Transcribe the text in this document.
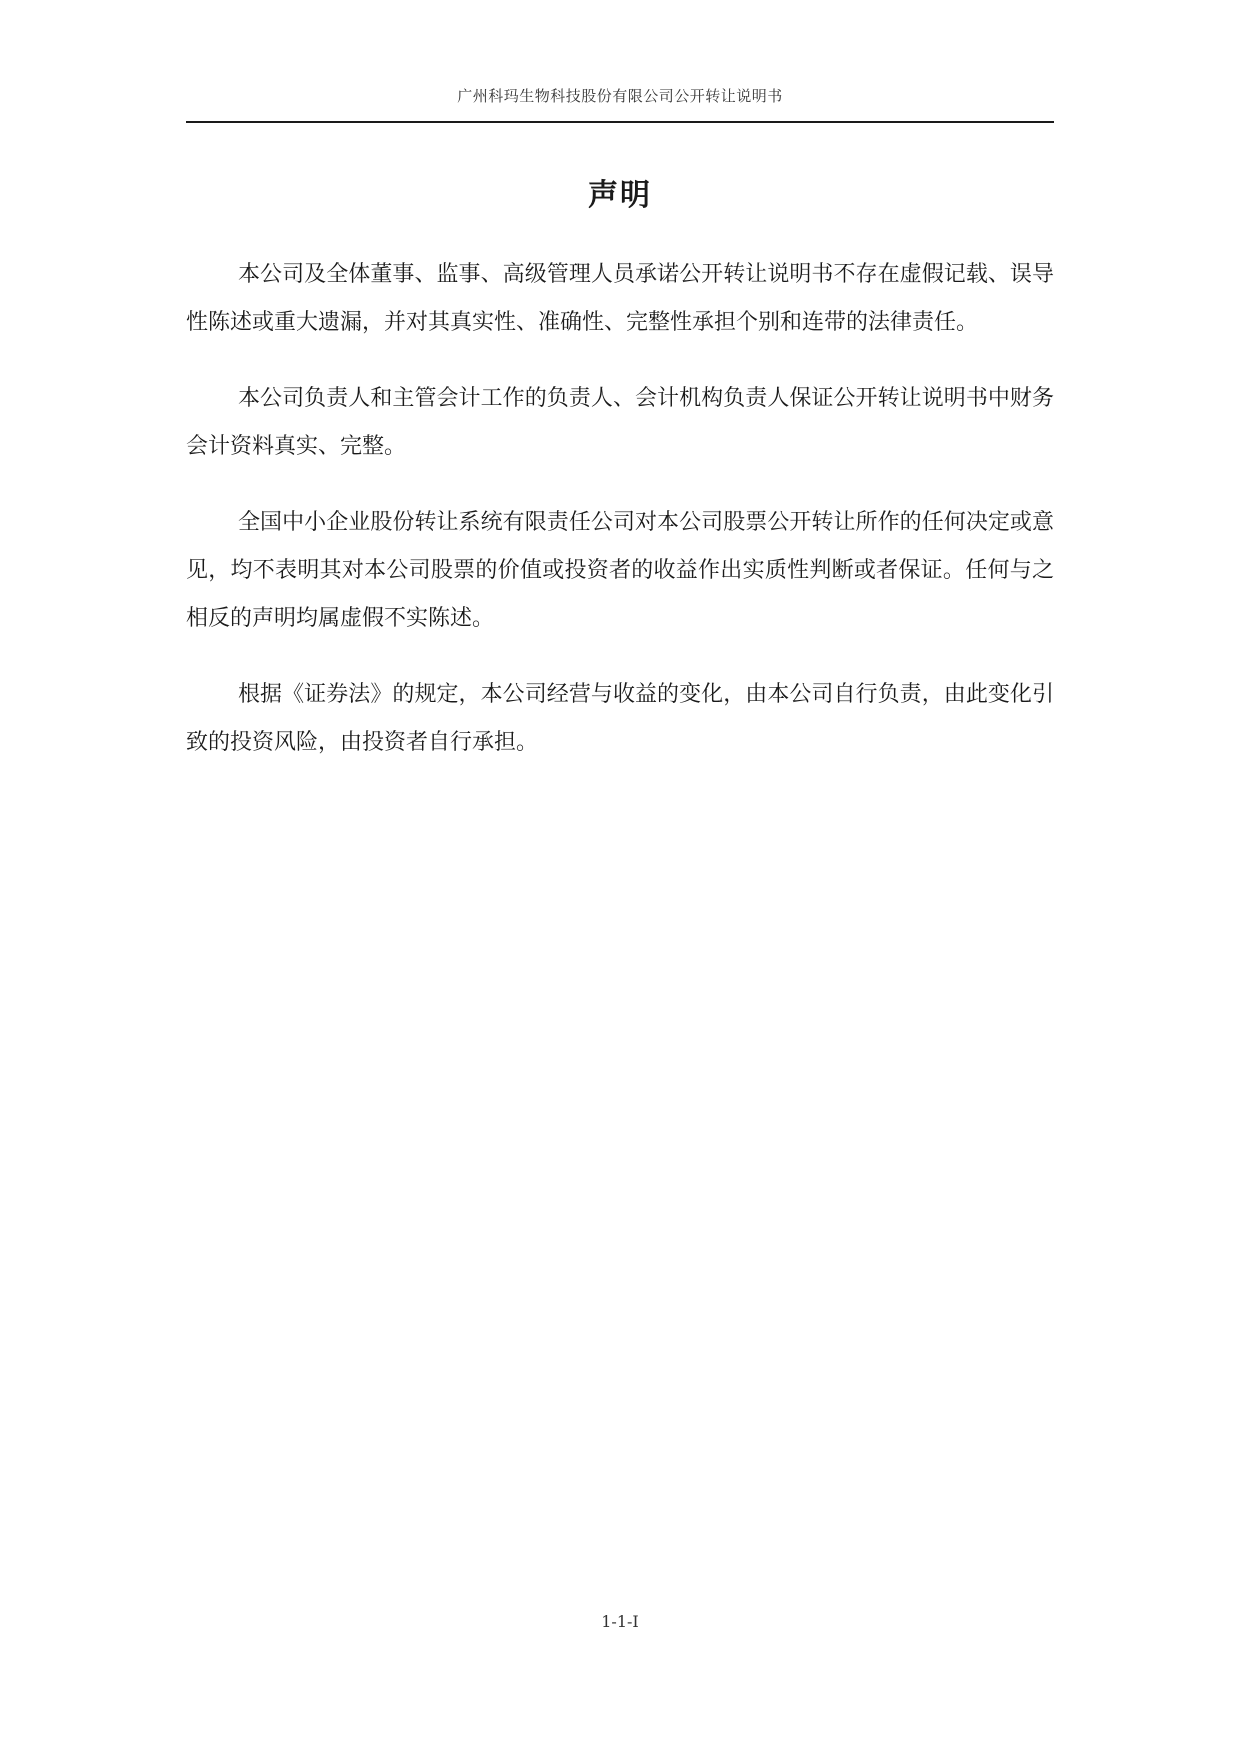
广州科玛生物科技股份有限公司公开转让说明书
声明

本公司及全体董事、监事、高级管理人员承诺公开转让说明书不存在虚假记载、误导性陈述或重大遗漏，并对其真实性、准确性、完整性承担个别和连带的法律责任。

本公司负责人和主管会计工作的负责人、会计机构负责人保证公开转让说明书中财务会计资料真实、完整。

全国中小企业股份转让系统有限责任公司对本公司股票公开转让所作的任何决定或意见，均不表明其对本公司股票的价值或投资者的收益作出实质性判断或者保证。任何与之相反的声明均属虚假不实陈述。

根据《证券法》的规定，本公司经营与收益的变化，由本公司自行负责，由此变化引致的投资风险，由投资者自行承担。

1-1-I
